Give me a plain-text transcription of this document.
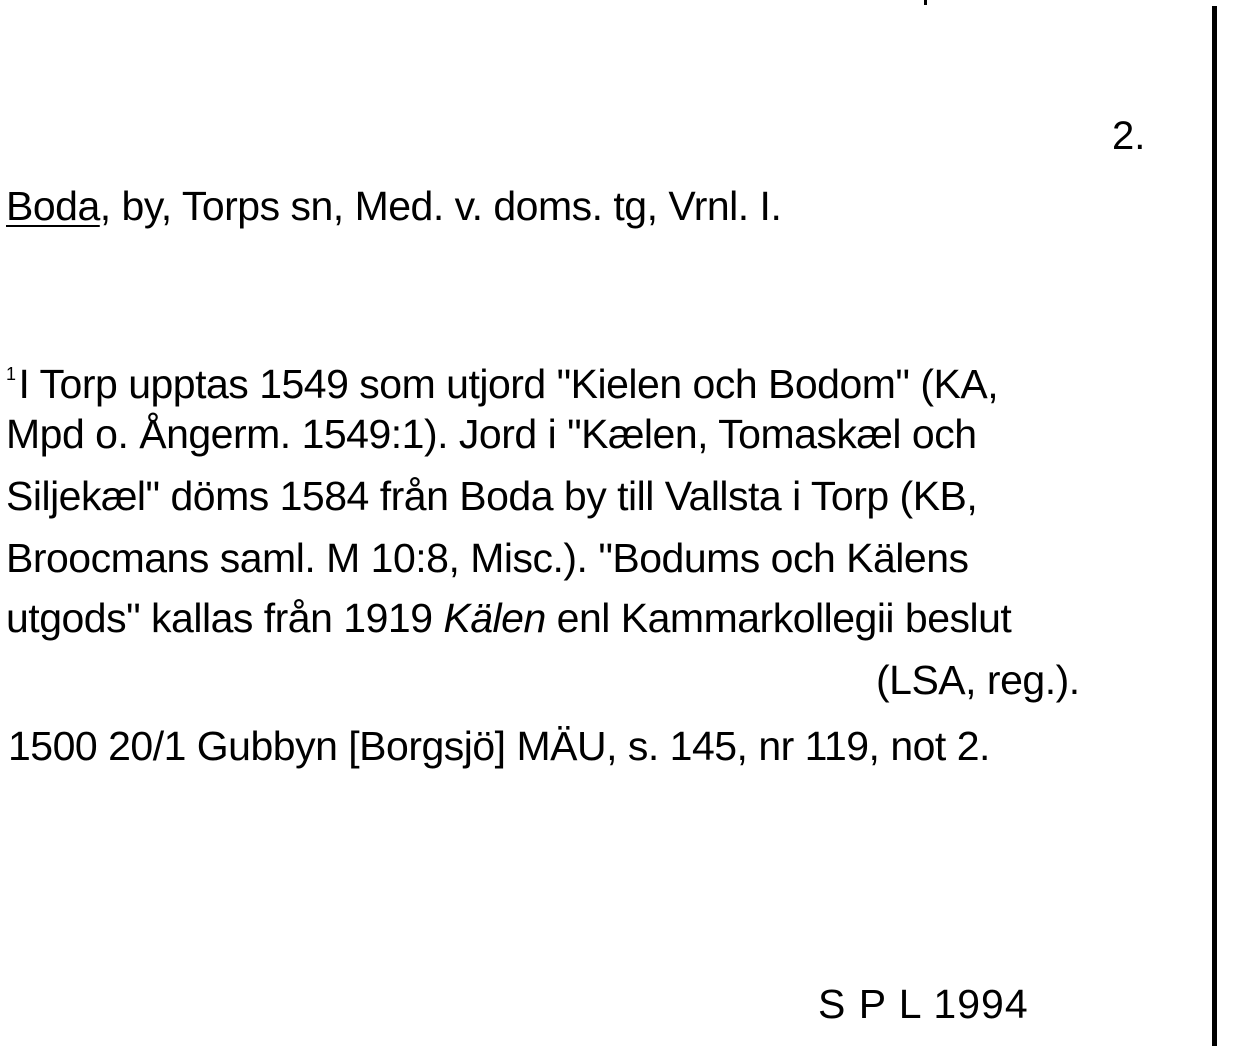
2.
Boda, by, Torps sn, Med. v. doms. tg, Vrnl. I.
$^1$I Torp upptas 1549 som utjord "Kielen och Bodom" (KA,
Mpd o. Ångerm. 1549:1). Jord i "Kælen, Tomaskæl och
Siljekæl" döms 1584 från Boda by till Vallsta i Torp (KB,
Broocmans saml. M 10:8, Misc.). "Bodums och Kälens
utgods" kallas från 1919 Kälen enl Kammarkollegii beslut
(LSA, reg.).
1500 20/1 Gubbyn [Borgsjö] MÄU, s. 145, nr 119, not 2.
S P L 1994
